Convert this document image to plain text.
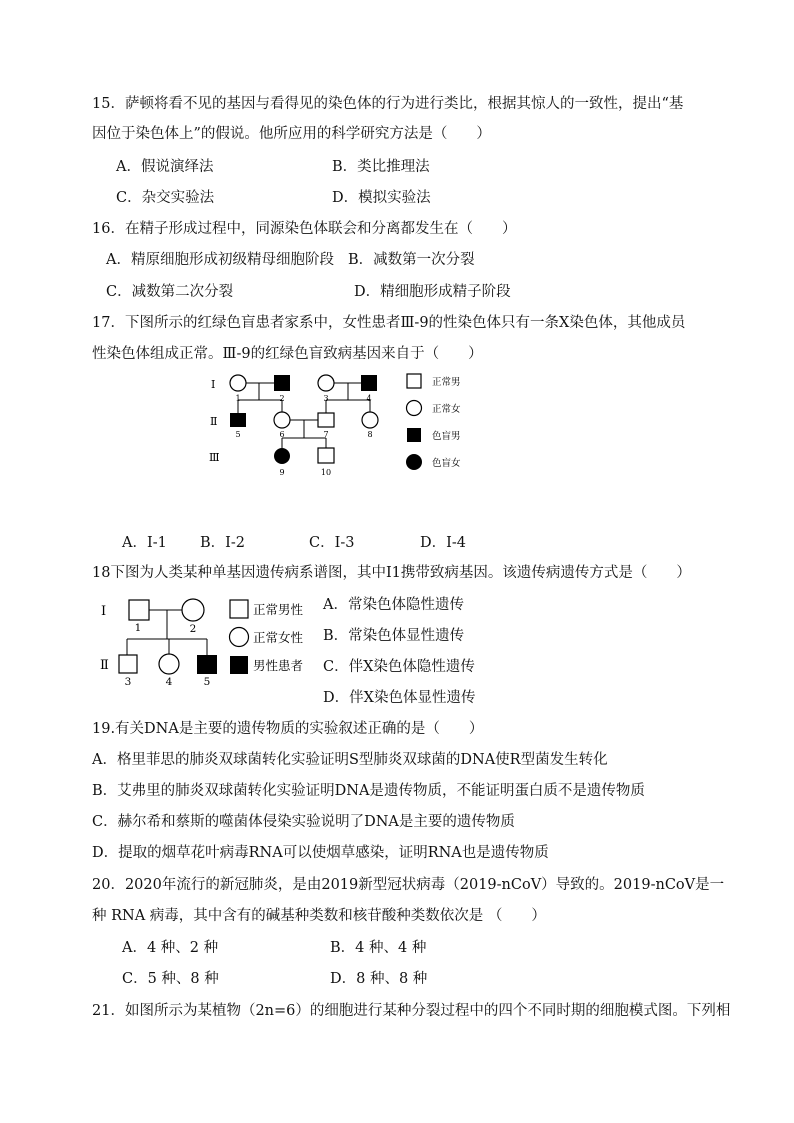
15．萨顿将看不见的基因与看得见的染色体的行为进行类比，根据其惊人的一致性，提出“基
因位于染色体上”的假说。他所应用的科学研究方法是（　　）
A．假说演绎法	B．类比推理法
C．杂交实验法	D．模拟实验法
16．在精子形成过程中，同源染色体联会和分离都发生在（　　）
A．精原细胞形成初级精母细胞阶段 B．减数第一次分裂
C．减数第二次分裂	D．精细胞形成精子阶段
17．下图所示的红绿色盲患者家系中，女性患者Ⅲ-9的性染色体只有一条X染色体，其他成员
性染色体组成正常。Ⅲ-9的红绿色盲致病基因来自于（　　）
Ⅰ
Ⅱ
Ⅲ
1	2	3	4
5	6	7	8
9	10
正常男
正常女
色盲男
色盲女
A．Ⅰ-1 B．Ⅰ-2	C．Ⅰ-3	D．Ⅰ-4
18下图为人类某种单基因遗传病系谱图，其中Ⅰ1携带致病基因。该遗传病遗传方式是（　　）
Ⅰ
Ⅱ
1	2
3	4	5
正常男性
正常女性
男性患者
A．常染色体隐性遗传
B．常染色体显性遗传
C．伴X染色体隐性遗传
D．伴X染色体显性遗传
19.有关DNA是主要的遗传物质的实验叙述正确的是（　　）
A．格里菲思的肺炎双球菌转化实验证明S型肺炎双球菌的DNA使R型菌发生转化
B．艾弗里的肺炎双球菌转化实验证明DNA是遗传物质，不能证明蛋白质不是遗传物质
C．赫尔希和蔡斯的噬菌体侵染实验说明了DNA是主要的遗传物质
D．提取的烟草花叶病毒RNA可以使烟草感染，证明RNA也是遗传物质
20．2020年流行的新冠肺炎，是由2019新型冠状病毒（2019-nCoV）导致的。2019-nCoV是一
种 RNA 病毒，其中含有的碱基种类数和核苷酸种类数依次是 （　　）
A．4 种、2 种	B．4 种、4 种
C．5 种、8 种	D．8 种、8 种
21．如图所示为某植物（2n=6）的细胞进行某种分裂过程中的四个不同时期的细胞模式图。下列相
